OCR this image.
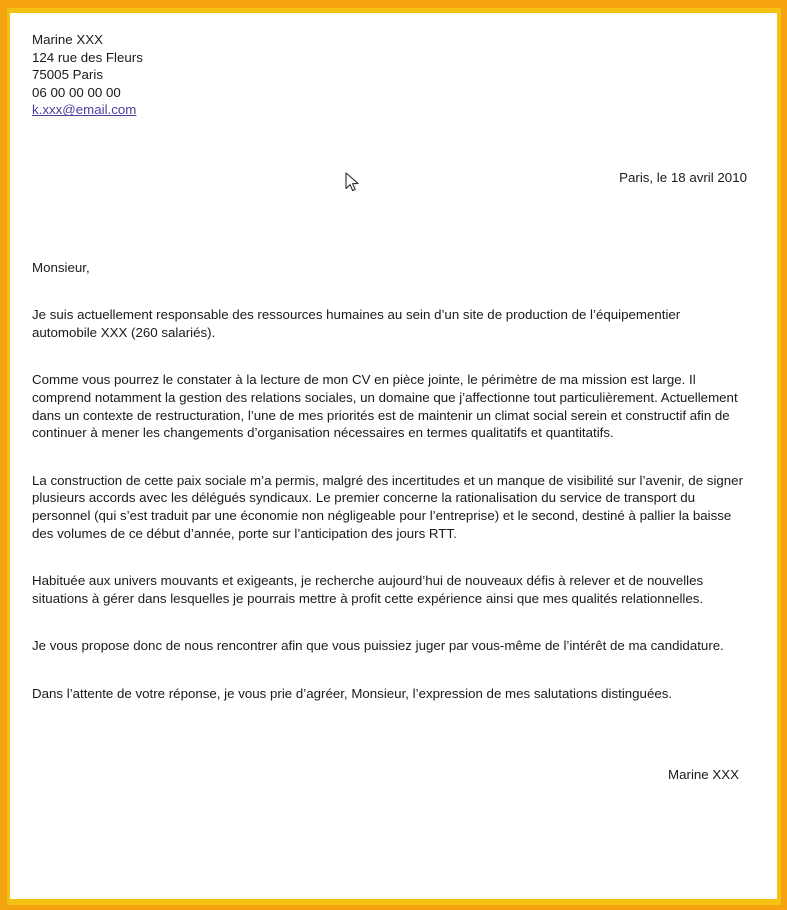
Marine XXX
124 rue des Fleurs
75005 Paris
06 00 00 00 00
k.xxx@email.com
Paris, le 18 avril 2010
Monsieur,

Je suis actuellement responsable des ressources humaines au sein d’un site de production de l’équipementier automobile XXX (260 salariés).

Comme vous pourrez le constater à la lecture de mon CV en pièce jointe, le périmètre de ma mission est large. Il comprend notamment la gestion des relations sociales, un domaine que j’affectionne tout particulièrement. Actuellement dans un contexte de restructuration, l’une de mes priorités est de maintenir un climat social serein et constructif afin de continuer à mener les changements d’organisation nécessaires en termes qualitatifs et quantitatifs.

La construction de cette paix sociale m’a permis, malgré des incertitudes et un manque de visibilité sur l’avenir, de signer plusieurs accords avec les délégués syndicaux. Le premier concerne la rationalisation du service de transport du personnel (qui s’est traduit par une économie non négligeable pour l’entreprise) et le second, destiné à pallier la baisse des volumes de ce début d’année, porte sur l’anticipation des jours RTT.

Habituée aux univers mouvants et exigeants, je recherche aujourd’hui de nouveaux défis à relever et de nouvelles situations à gérer dans lesquelles je pourrais mettre à profit cette expérience ainsi que mes qualités relationnelles.

Je vous propose donc de nous rencontrer afin que vous puissiez juger par vous-même de l’intérêt de ma candidature.

Dans l’attente de votre réponse, je vous prie d’agréer, Monsieur, l’expression de mes salutations distinguées.

Marine XXX
